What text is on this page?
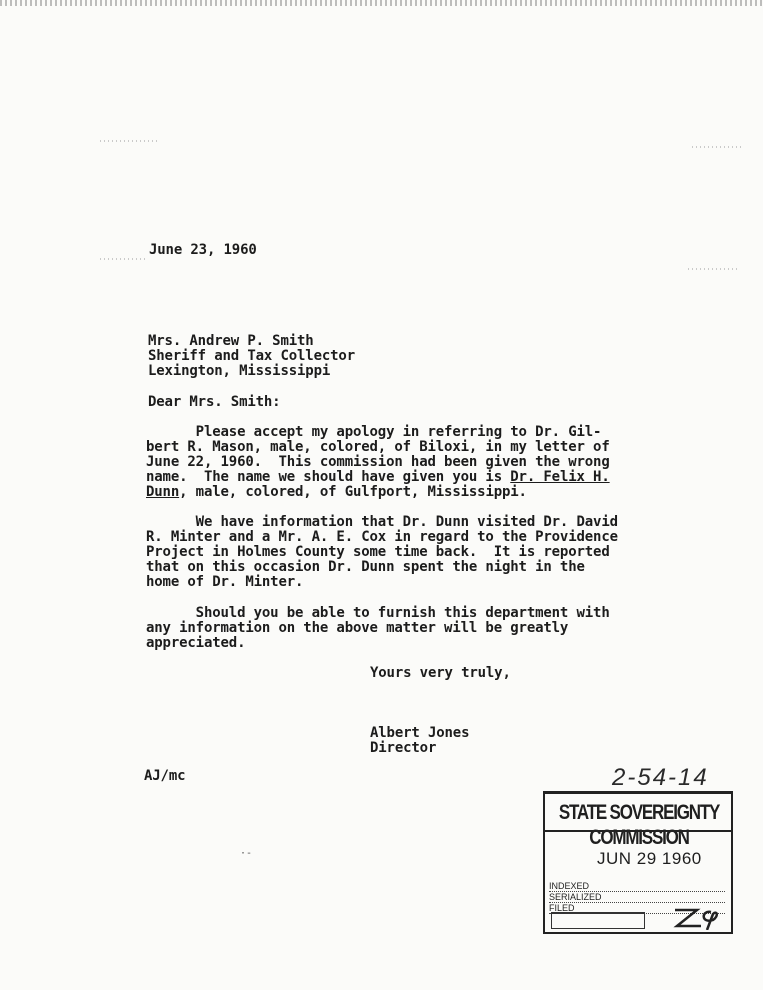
June 23, 1960
Mrs. Andrew P. Smith
Sheriff and Tax Collector
Lexington, Mississippi
Dear Mrs. Smith:
Please accept my apology in referring to Dr. Gil-
bert R. Mason, male, colored, of Biloxi, in my letter of
June 22, 1960.  This commission had been given the wrong
name.  The name we should have given you is Dr. Felix H.
Dunn, male, colored, of Gulfport, Mississippi.
We have information that Dr. Dunn visited Dr. David
R. Minter and a Mr. A. E. Cox in regard to the Providence
Project in Holmes County some time back.  It is reported
that on this occasion Dr. Dunn spent the night in the
home of Dr. Minter.
Should you be able to furnish this department with
any information on the above matter will be greatly
appreciated.
Yours very truly,
Albert Jones
Director
AJ/mc
·-
2-54-14
STATE SOVEREIGNTY COMMISSION
JUN 29 1960
INDEXED
SERIALIZED
FILED
